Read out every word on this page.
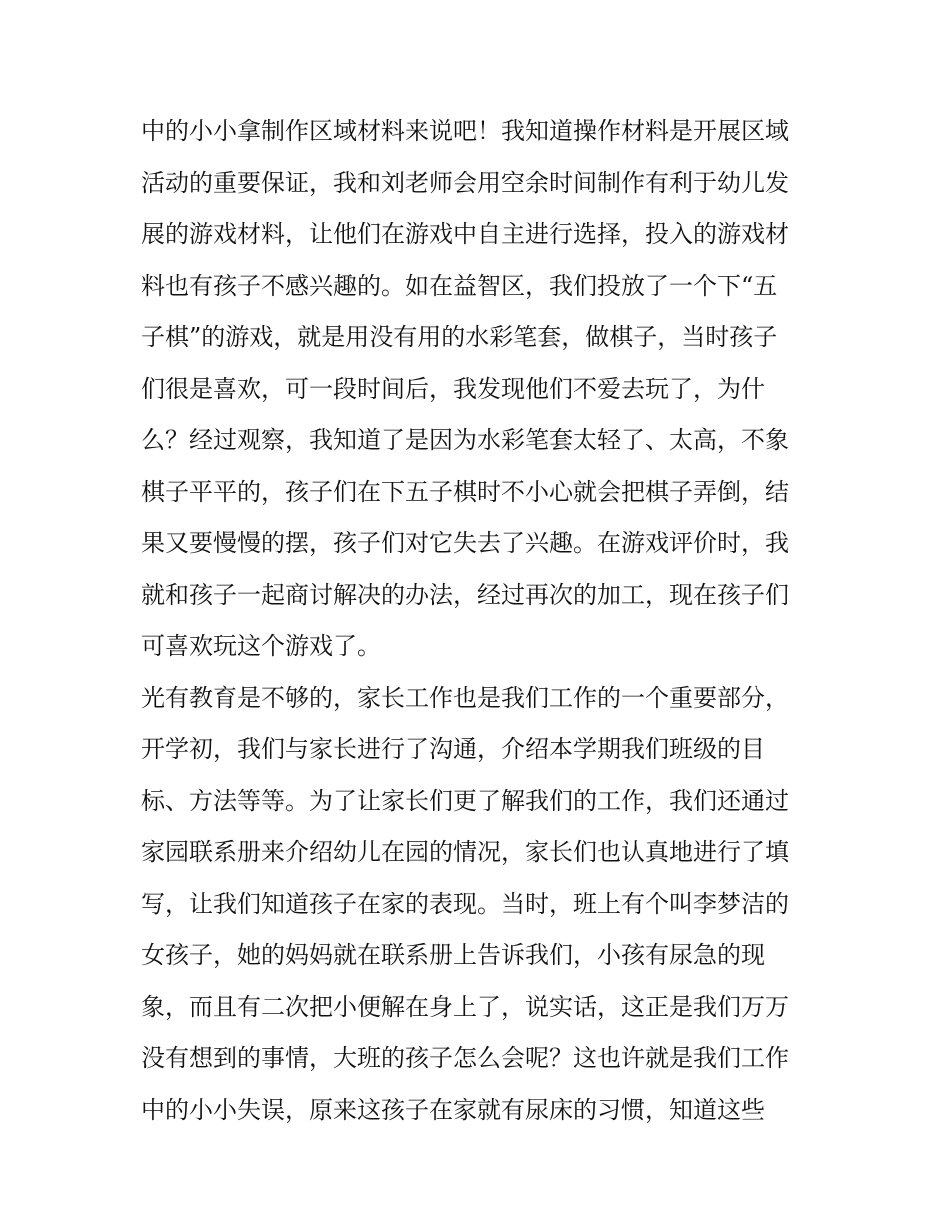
中的小小拿制作区域材料来说吧！我知道操作材料是开展区域
活动的重要保证，我和刘老师会用空余时间制作有利于幼儿发
展的游戏材料，让他们在游戏中自主进行选择，投入的游戏材
料也有孩子不感兴趣的。如在益智区，我们投放了一个下“五
子棋”的游戏，就是用没有用的水彩笔套，做棋子，当时孩子
们很是喜欢，可一段时间后，我发现他们不爱去玩了，为什
么？经过观察，我知道了是因为水彩笔套太轻了、太高，不象
棋子平平的，孩子们在下五子棋时不小心就会把棋子弄倒，结
果又要慢慢的摆，孩子们对它失去了兴趣。在游戏评价时，我
就和孩子一起商讨解决的办法，经过再次的加工，现在孩子们
可喜欢玩这个游戏了。
光有教育是不够的，家长工作也是我们工作的一个重要部分，
开学初，我们与家长进行了沟通，介绍本学期我们班级的目
标、方法等等。为了让家长们更了解我们的工作，我们还通过
家园联系册来介绍幼儿在园的情况，家长们也认真地进行了填
写，让我们知道孩子在家的表现。当时，班上有个叫李梦洁的
女孩子，她的妈妈就在联系册上告诉我们，小孩有尿急的现
象，而且有二次把小便解在身上了，说实话，这正是我们万万
没有想到的事情，大班的孩子怎么会呢？这也许就是我们工作
中的小小失误，原来这孩子在家就有尿床的习惯，知道这些
